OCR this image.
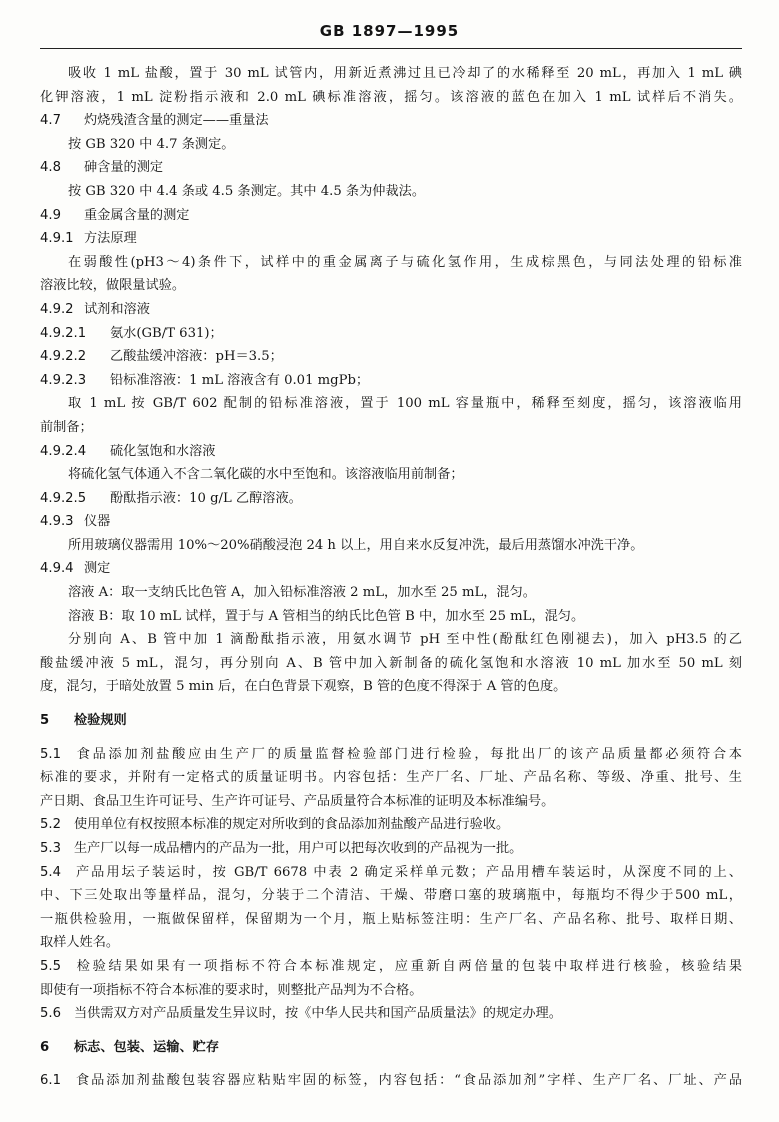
GB 1897—1995
吸收 1 mL 盐酸，置于 30 mL 试管内，用新近煮沸过且已冷却了的水稀释至 20 mL，再加入 1 mL 碘
化钾溶液，1 mL 淀粉指示液和 2.0 mL 碘标准溶液，摇匀。该溶液的蓝色在加入 1 mL 试样后不消失。
4.7 灼烧残渣含量的测定——重量法
按 GB 320 中 4.7 条测定。
4.8 砷含量的测定
按 GB 320 中 4.4 条或 4.5 条测定。其中 4.5 条为仲裁法。
4.9 重金属含量的测定
4.9.1 方法原理
在弱酸性(pH3～4)条件下，试样中的重金属离子与硫化氢作用，生成棕黑色，与同法处理的铅标准
溶液比较，做限量试验。
4.9.2 试剂和溶液
4.9.2.1 氨水(GB/T 631)；
4.9.2.2 乙酸盐缓冲溶液：pH＝3.5；
4.9.2.3 铅标准溶液：1 mL 溶液含有 0.01 mgPb；
取 1 mL 按 GB/T 602 配制的铅标准溶液，置于 100 mL 容量瓶中，稀释至刻度，摇匀，该溶液临用
前制备；
4.9.2.4 硫化氢饱和水溶液
将硫化氢气体通入不含二氧化碳的水中至饱和。该溶液临用前制备；
4.9.2.5 酚酞指示液：10 g/L 乙醇溶液。
4.9.3 仪器
所用玻璃仪器需用 10%～20%硝酸浸泡 24 h 以上，用自来水反复冲洗，最后用蒸馏水冲洗干净。
4.9.4 测定
溶液 A：取一支纳氏比色管 A，加入铅标准溶液 2 mL，加水至 25 mL，混匀。
溶液 B：取 10 mL 试样，置于与 A 管相当的纳氏比色管 B 中，加水至 25 mL，混匀。
分别向 A、B 管中加 1 滴酚酞指示液，用氨水调节 pH 至中性(酚酞红色刚褪去)，加入 pH3.5 的乙
酸盐缓冲液 5 mL，混匀，再分别向 A、B 管中加入新制备的硫化氢饱和水溶液 10 mL 加水至 50 mL 刻
度，混匀，于暗处放置 5 min 后，在白色背景下观察，B 管的色度不得深于 A 管的色度。
5 检验规则
5.1 食品添加剂盐酸应由生产厂的质量监督检验部门进行检验，每批出厂的该产品质量都必须符合本
标准的要求，并附有一定格式的质量证明书。内容包括：生产厂名、厂址、产品名称、等级、净重、批号、生
产日期、食品卫生许可证号、生产许可证号、产品质量符合本标准的证明及本标准编号。
5.2 使用单位有权按照本标准的规定对所收到的食品添加剂盐酸产品进行验收。
5.3 生产厂以每一成品槽内的产品为一批，用户可以把每次收到的产品视为一批。
5.4 产品用坛子装运时，按 GB/T 6678 中表 2 确定采样单元数；产品用槽车装运时，从深度不同的上、
中、下三处取出等量样品，混匀，分装于二个清洁、干燥、带磨口塞的玻璃瓶中，每瓶均不得少于500 mL，
一瓶供检验用，一瓶做保留样，保留期为一个月，瓶上贴标签注明：生产厂名、产品名称、批号、取样日期、
取样人姓名。
5.5 检验结果如果有一项指标不符合本标准规定，应重新自两倍量的包装中取样进行核验，核验结果
即使有一项指标不符合本标准的要求时，则整批产品判为不合格。
5.6 当供需双方对产品质量发生异议时，按《中华人民共和国产品质量法》的规定办理。
6 标志、包装、运输、贮存
6.1 食品添加剂盐酸包装容器应粘贴牢固的标签，内容包括：“食品添加剂”字样、生产厂名、厂址、产品
